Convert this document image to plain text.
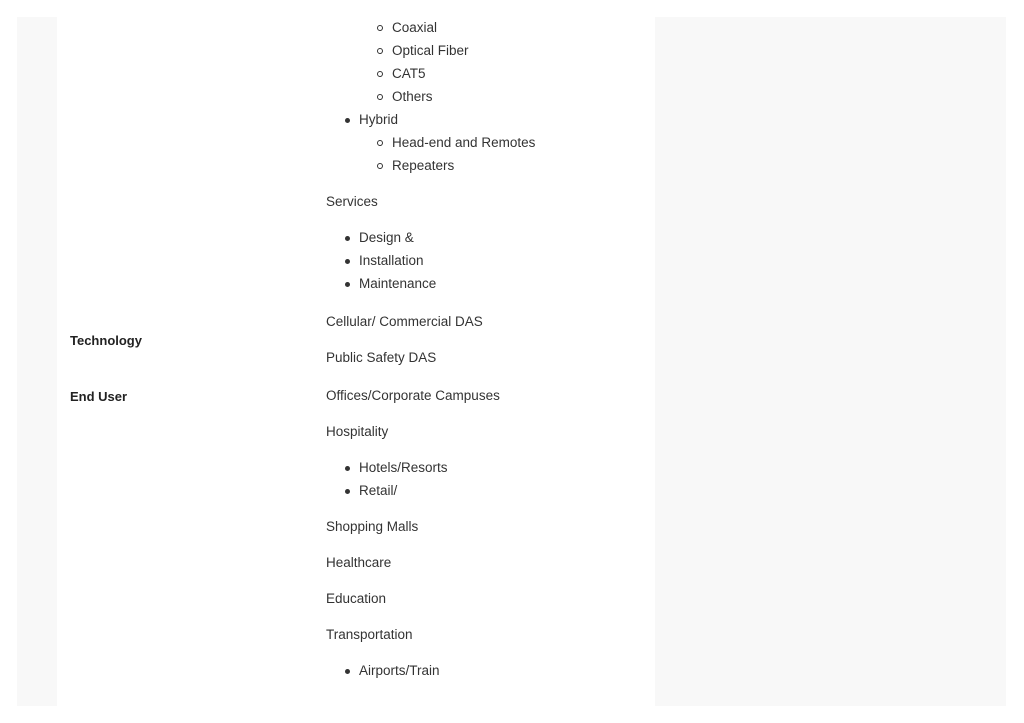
Coaxial
Optical Fiber
CAT5
Others
Hybrid
Head-end and Remotes
Repeaters
Services
Design &
Installation
Maintenance
Cellular/ Commercial DAS
Technology
Public Safety DAS
End User	Offices/Corporate Campuses
Hospitality
Hotels/Resorts
Retail/
Shopping Malls
Healthcare
Education
Transportation
Airports/Train
